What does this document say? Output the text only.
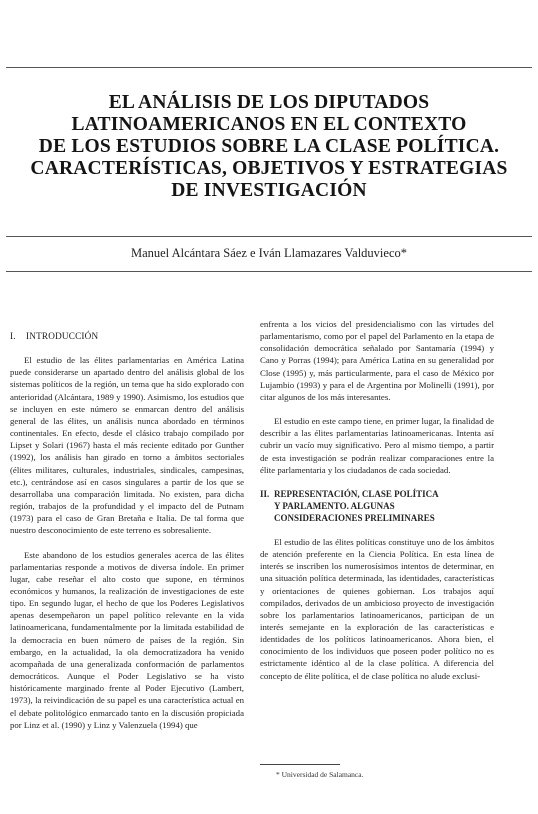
EL ANÁLISIS DE LOS DIPUTADOS
LATINOAMERICANOS EN EL CONTEXTO
DE LOS ESTUDIOS SOBRE LA CLASE POLÍTICA.
CARACTERÍSTICAS, OBJETIVOS Y ESTRATEGIAS
DE INVESTIGACIÓN
Manuel Alcántara Sáez e Iván Llamazares Valduvieco*
I. INTRODUCCIÓN

El estudio de las élites parlamentarias en América Latina puede considerarse un apartado dentro del análisis global de los sistemas políticos de la región, un tema que ha sido explorado con anterioridad (Alcántara, 1989 y 1990). Asimismo, los estudios que se incluyen en este número se enmarcan dentro del análisis general de las élites, un análisis nunca abordado en términos continentales. En efecto, desde el clásico trabajo compilado por Lipset y Solari (1967) hasta el más reciente editado por Gunther (1992), los análisis han girado en torno a ámbitos sectoriales (élites militares, culturales, industriales, sindicales, campesinas, etc.), centrándose así en casos singulares a partir de los que se desarrollaba una comparación limitada. No existen, para dicha región, trabajos de la profundidad y el impacto del de Putnam (1973) para el caso de Gran Bretaña e Italia. De tal forma que nuestro desconocimiento de este terreno es sobresaliente.

Este abandono de los estudios generales acerca de las élites parlamentarias responde a motivos de diversa índole. En primer lugar, cabe reseñar el alto costo que supone, en términos económicos y humanos, la realización de investigaciones de este tipo. En segundo lugar, el hecho de que los Poderes Legislativos apenas desempeñaron un papel político relevante en la vida latinoamericana, fundamentalmente por la limitada estabilidad de la democracia en buen número de países de la región. Sin embargo, en la actualidad, la ola democratizadora ha venido acompañada de una generalizada conformación de parlamentos democráticos. Aunque el Poder Legislativo se ha visto históricamente marginado frente al Poder Ejecutivo (Lambert, 1973), la reivindicación de su papel es una característica actual en el debate politológico enmarcado tanto en la discusión propiciada por Linz et al. (1990) y Linz y Valenzuela (1994) que

enfrenta a los vicios del presidencialismo con las virtudes del parlamentarismo, como por el papel del Parlamento en la etapa de consolidación democrática señalado por Santamaría (1994) y Cano y Porras (1994); para América Latina en su generalidad por Close (1995) y, más particularmente, para el caso de México por Lujambio (1993) y para el de Argentina por Molinelli (1991), por citar algunos de los más interesantes.

El estudio en este campo tiene, en primer lugar, la finalidad de describir a las élites parlamentarias latinoamericanas. Intenta así cubrir un vacío muy significativo. Pero al mismo tiempo, a partir de esta investigación se podrán realizar comparaciones entre la élite parlamentaria y los ciudadanos de cada sociedad.

II. REPRESENTACIÓN, CLASE POLÍTICA
Y PARLAMENTO. ALGUNAS
CONSIDERACIONES PRELIMINARES

El estudio de las élites políticas constituye uno de los ámbitos de atención preferente en la Ciencia Política. En esta línea de interés se inscriben los numerosísimos intentos de determinar, en una situación política determinada, las identidades, características y orientaciones de quienes gobiernan. Los trabajos aquí compilados, derivados de un ambicioso proyecto de investigación sobre los parlamentarios latinoamericanos, participan de un interés semejante en la exploración de las características e identidades de los políticos latinoamericanos. Ahora bien, el conocimiento de los individuos que poseen poder político no es estrictamente idéntico al de la clase política. A diferencia del concepto de élite política, el de clase política no alude exclusi-

* Universidad de Salamanca.
